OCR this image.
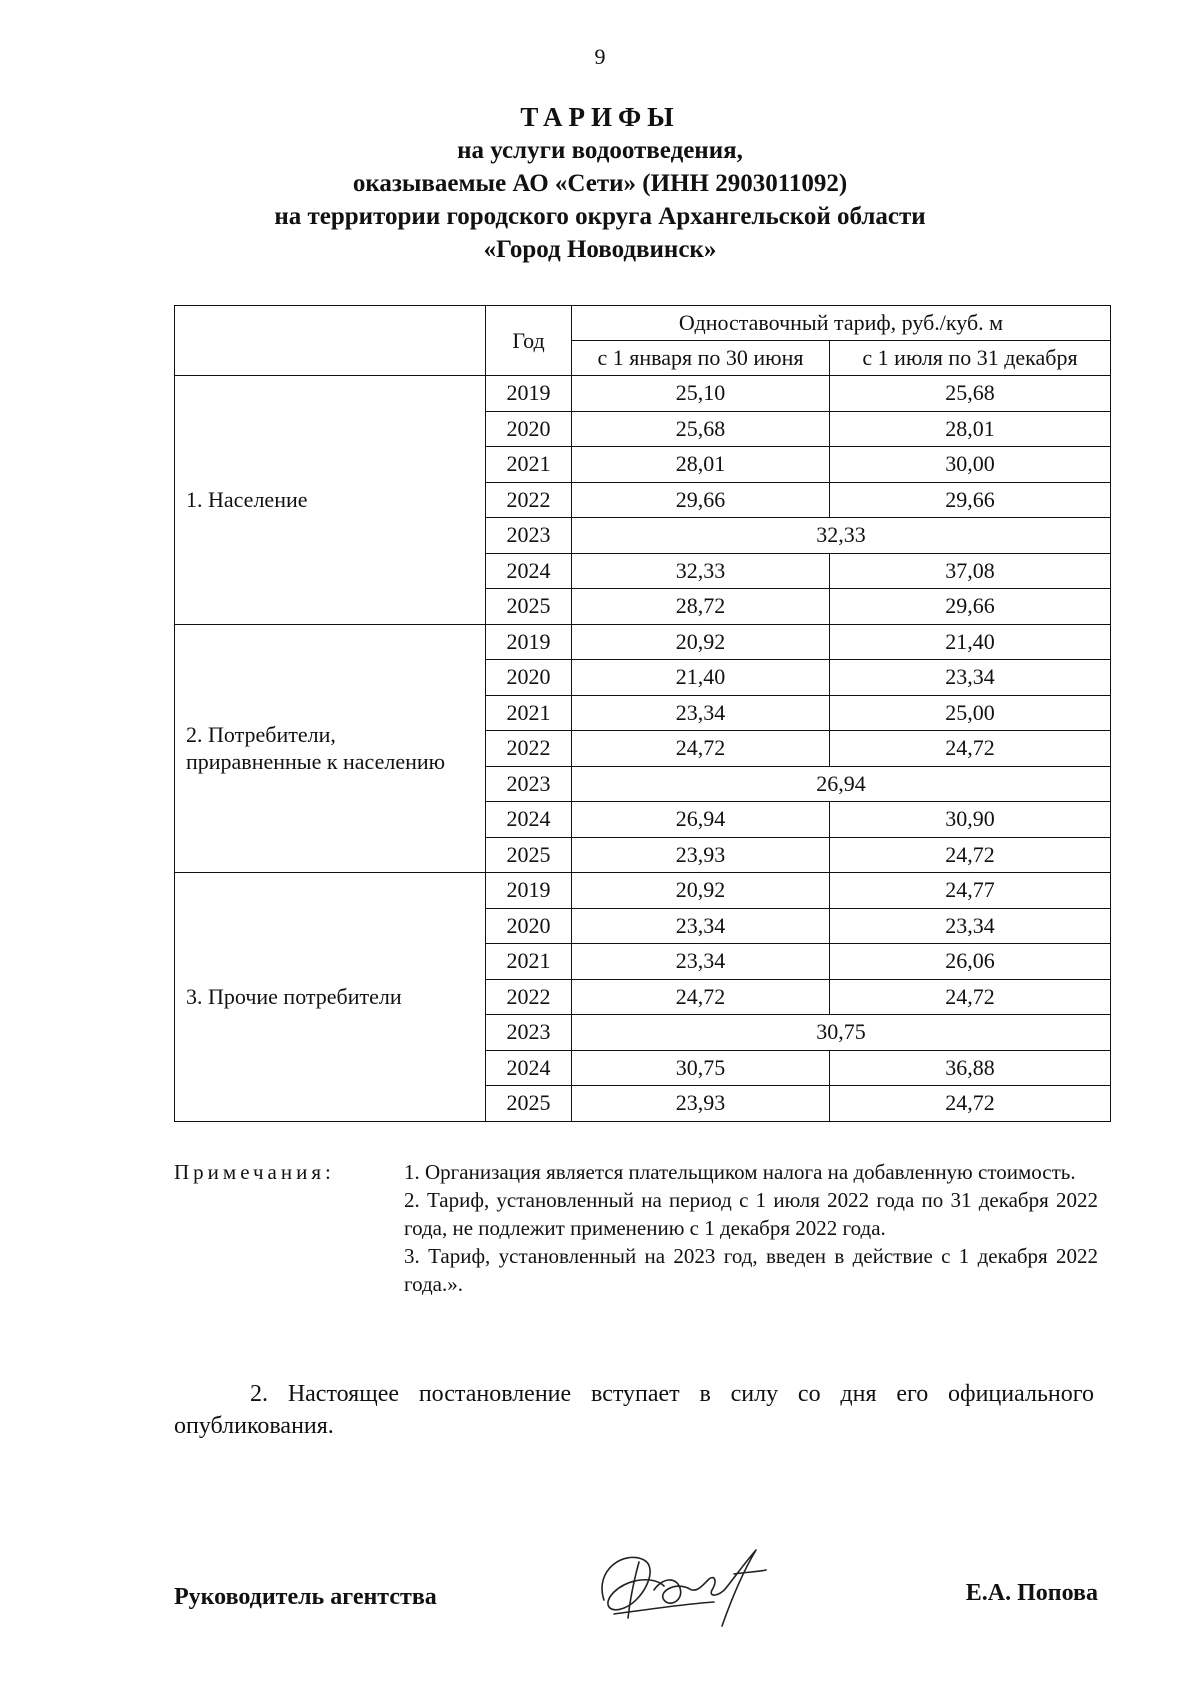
9
ТАРИФЫ
на услуги водоотведения,
оказываемые АО «Сети» (ИНН 2903011092)
на территории городского округа Архангельской области
«Город Новодвинск»
	Год	Одноставочный тариф, руб./куб. м	
		с 1 января по 30 июня	с 1 июля по 31 декабря
1. Население	2019	25,10	25,68
	2020	25,68	28,01
	2021	28,01	30,00
	2022	29,66	29,66
	2023	32,33	
	2024	32,33	37,08
	2025	28,72	29,66

2. Потребители,
приравненные к населению	2019	20,92	21,40
	2020	21,40	23,34
	2021	23,34	25,00
	2022	24,72	24,72
	2023	26,94	
	2024	26,94	30,90
	2025	23,93	24,72
3. Прочие потребители	2019	20,92	24,77
	2020	23,34	23,34
	2021	23,34	26,06
	2022	24,72	24,72
	2023	30,75	
	2024	30,75	36,88
	2025	23,93	24,72
Примечания:	1. Организация является плательщиком налога на добавленную стоимость.

2. Тариф, установленный на период с 1 июля 2022 года по 31 декабря 2022 года, не подлежит применению с 1 декабря 2022 года.

3. Тариф, установленный на 2023 год, введен в действие с 1 декабря 2022 года.».

2. Настоящее постановление вступает в силу со дня его официального опубликования.
Руководитель агентства	Е.А. Попова
